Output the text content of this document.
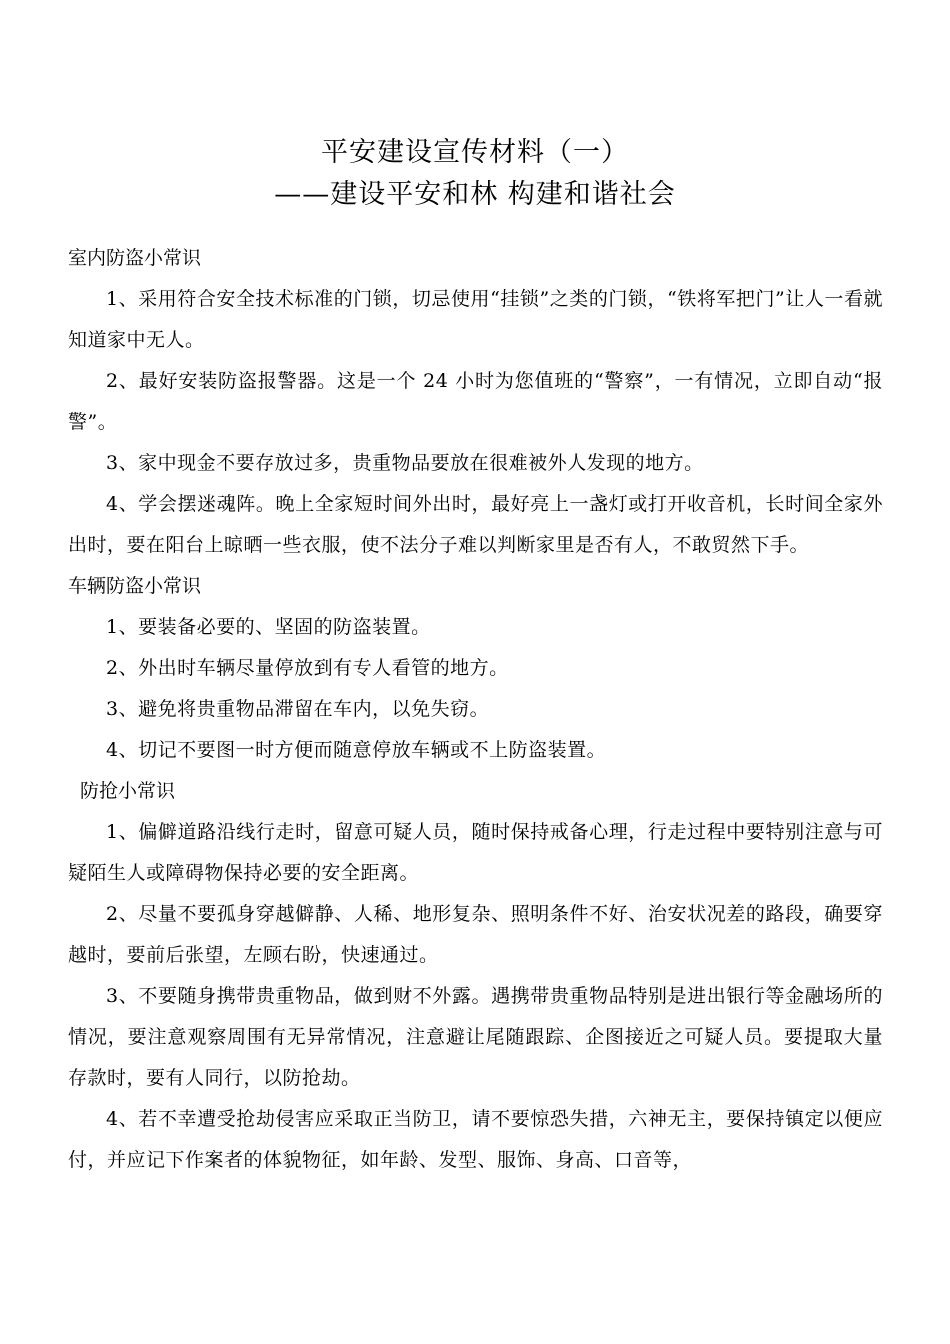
平安建设宣传材料（一）
——建设平安和林 构建和谐社会

室内防盗小常识

1、采用符合安全技术标准的门锁，切忌使用“挂锁”之类的门锁，“铁将军把门”让人一看就知道家中无人。

2、最好安装防盗报警器。这是一个 24 小时为您值班的“警察”，一有情况，立即自动“报警”。

3、家中现金不要存放过多，贵重物品要放在很难被外人发现的地方。

4、学会摆迷魂阵。晚上全家短时间外出时，最好亮上一盏灯或打开收音机，长时间全家外出时，要在阳台上晾晒一些衣服，使不法分子难以判断家里是否有人，不敢贸然下手。

车辆防盗小常识

1、要装备必要的、坚固的防盗装置。

2、外出时车辆尽量停放到有专人看管的地方。

3、避免将贵重物品滞留在车内，以免失窃。

4、切记不要图一时方便而随意停放车辆或不上防盗装置。

防抢小常识

1、偏僻道路沿线行走时，留意可疑人员，随时保持戒备心理，行走过程中要特别注意与可疑陌生人或障碍物保持必要的安全距离。

2、尽量不要孤身穿越僻静、人稀、地形复杂、照明条件不好、治安状况差的路段，确要穿越时，要前后张望，左顾右盼，快速通过。

3、不要随身携带贵重物品，做到财不外露。遇携带贵重物品特别是进出银行等金融场所的情况，要注意观察周围有无异常情况，注意避让尾随跟踪、企图接近之可疑人员。要提取大量存款时，要有人同行，以防抢劫。

4、若不幸遭受抢劫侵害应采取正当防卫，请不要惊恐失措，六神无主，要保持镇定以便应付，并应记下作案者的体貌物征，如年龄、发型、服饰、身高、口音等，
